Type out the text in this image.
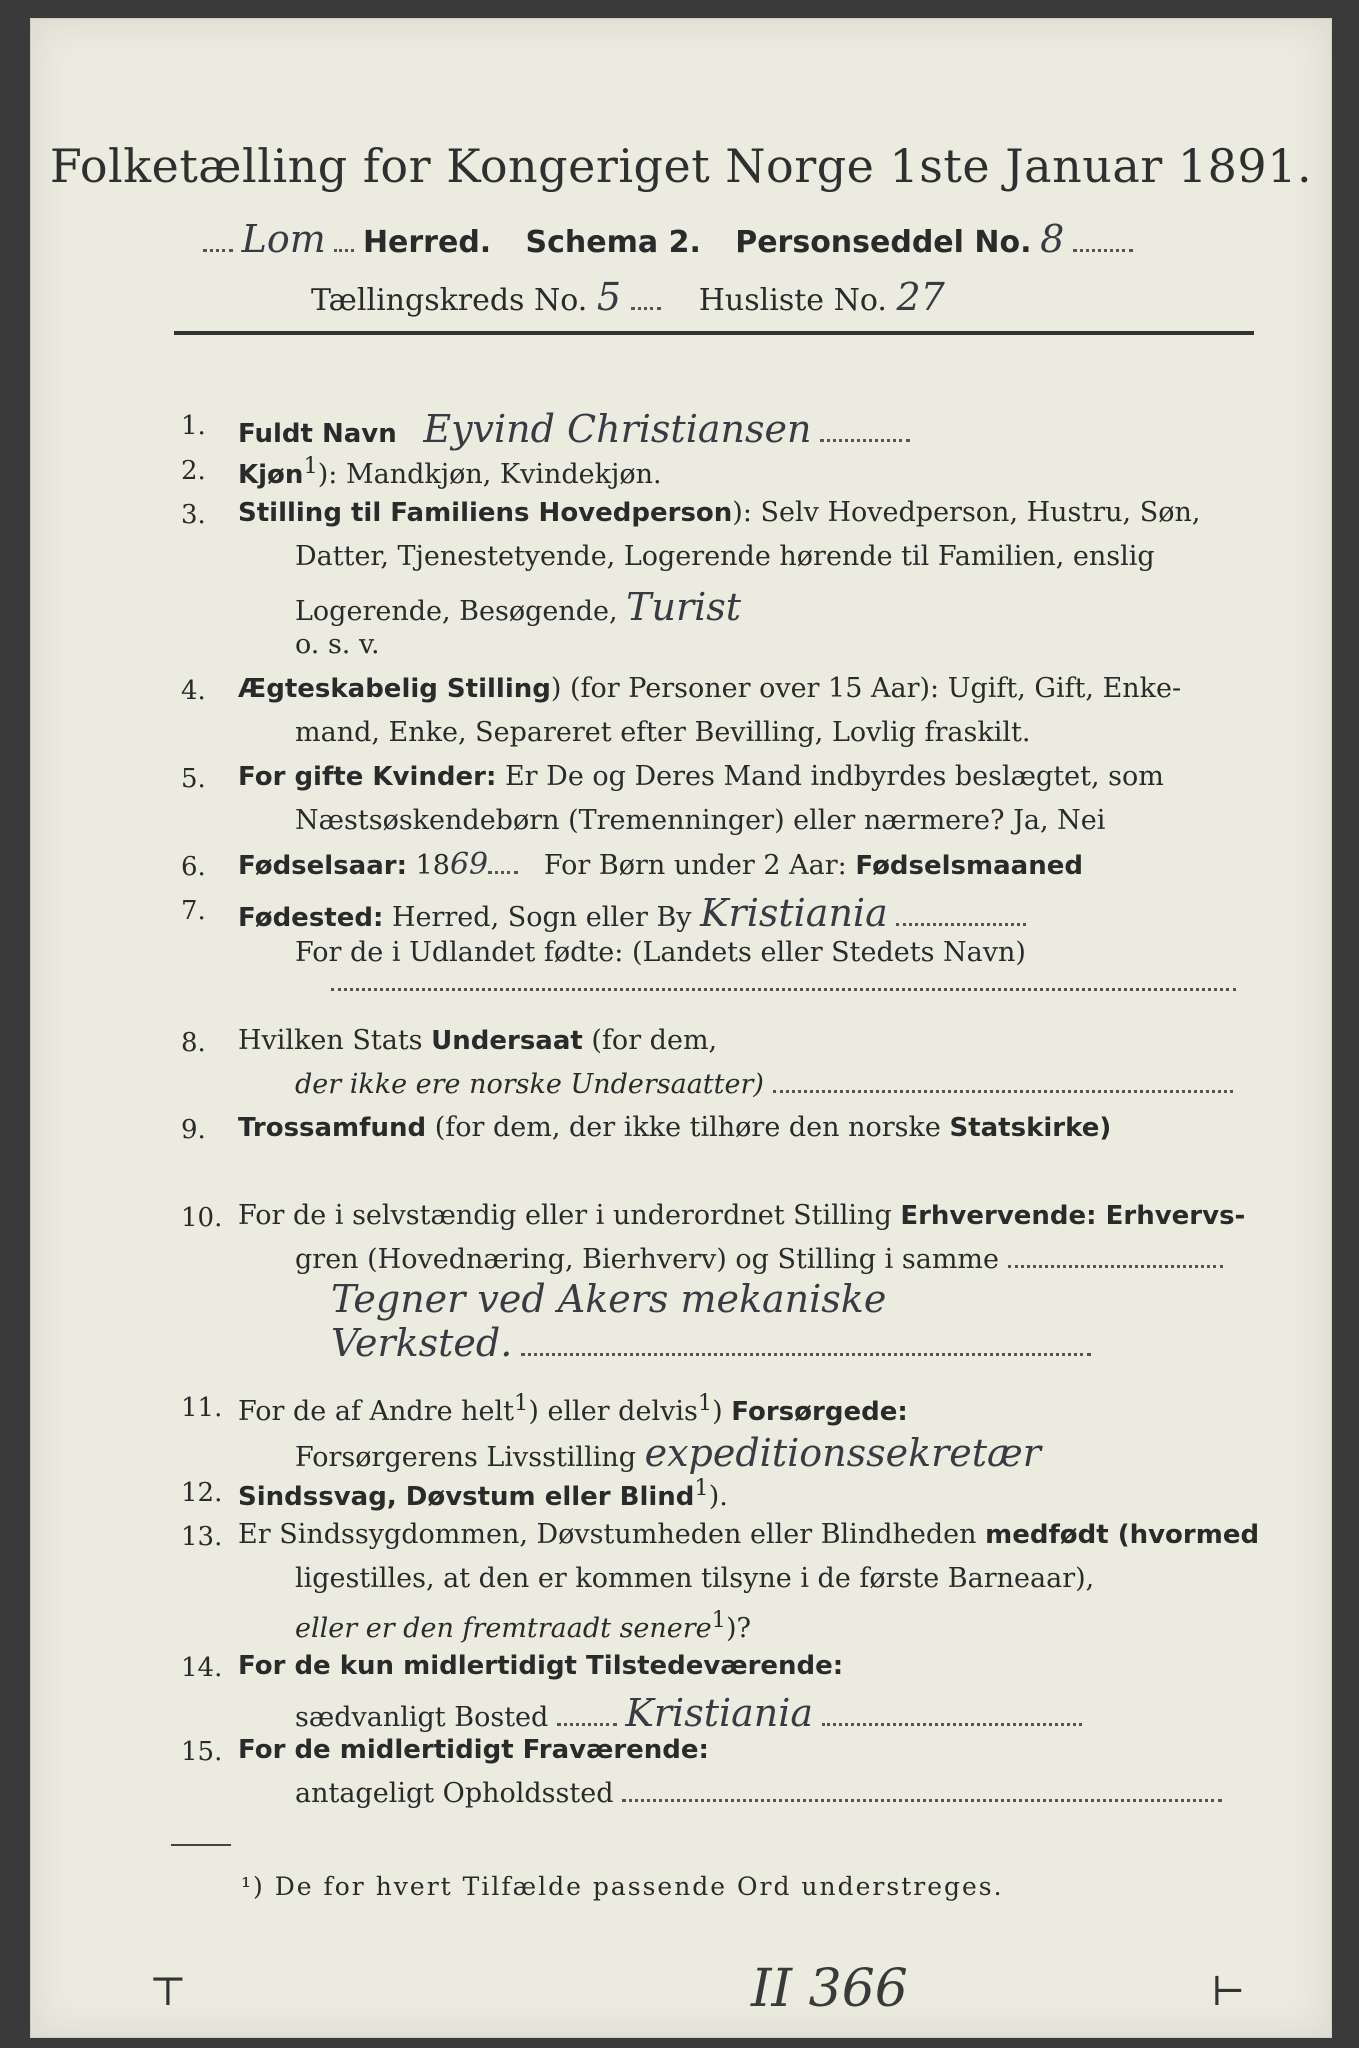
Folketælling for Kongeriget Norge 1ste Januar 1891.
Lom Herred. Schema 2. Personseddel No. 8
Tællingskreds No. 5	Husliste No. 27
1. Fuldt Navn Eyvind Christiansen
2. Kjøn$^1$): Mandkjøn, Kvindekjøn.
3. Stilling til Familiens Hovedperson): Selv Hovedperson, Hustru, Søn,
Datter, Tjenestetyende, Logerende hørende til Familien, enslig
Logerende, Besøgende, Turist
o. s. v.
4. Ægteskabelig Stilling) (for Personer over 15 Aar): Ugift, Gift, Enke-
mand, Enke, Separeret efter Bevilling, Lovlig fraskilt.
5. For gifte Kvinder: Er De og Deres Mand indbyrdes beslægtet, som
Næstsøskendebørn (Tremenninger) eller nærmere? Ja, Nei
6. Fødselsaar: 1869 For Børn under 2 Aar: Fødselsmaaned
7. Fødested: Herred, Sogn eller By Kristiania
For de i Udlandet fødte: (Landets eller Stedets Navn)
8. Hvilken Stats Undersaat (for dem,
der ikke ere norske Undersaatter)
9. Trossamfund (for dem, der ikke tilhøre den norske Statskirke)
10. For de i selvstændig eller i underordnet Stilling Erhvervende: Erhvervs-
gren (Hovednæring, Bierhverv) og Stilling i samme
Tegner ved Akers mekaniske
Verksted.
11. For de af Andre helt$^1$) eller delvis$^1$) Forsørgede:
Forsørgerens Livsstilling expeditionssekretær
12. Sindssvag, Døvstum eller Blind$^1$).
13. Er Sindssygdommen, Døvstumheden eller Blindheden medfødt (hvormed
ligestilles, at den er kommen tilsyne i de første Barneaar),
eller er den fremtraadt senere$^1$)?
14. For de kun midlertidigt Tilstedeværende:
sædvanligt Bosted Kristiania
15. For de midlertidigt Fraværende:
antageligt Opholdssted
¹) De for hvert Tilfælde passende Ord understreges.
⊤	II 366	⊢
